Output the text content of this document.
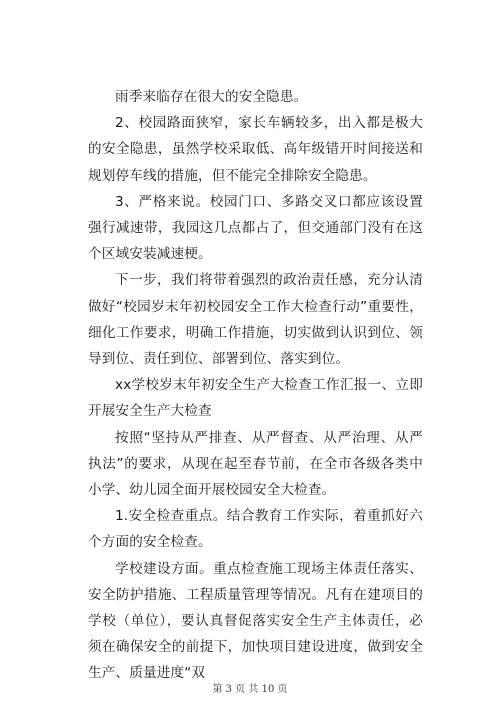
雨季来临存在很大的安全隐患。

2、校园路面狭窄，家长车辆较多，出入都是极大的安全隐患，虽然学校采取低、高年级错开时间接送和规划停车线的措施，但不能完全排除安全隐患。

3、严格来说。校园门口、多路交叉口都应该设置强行减速带，我园这几点都占了，但交通部门没有在这个区域安装减速梗。

下一步，我们将带着强烈的政治责任感，充分认清做好“校园岁末年初校园安全工作大检查行动”重要性，细化工作要求，明确工作措施，切实做到认识到位、领导到位、责任到位、部署到位、落实到位。

xx学校岁末年初安全生产大检查工作汇报一、立即开展安全生产大检查

按照“坚持从严排查、从严督查、从严治理、从严执法”的要求，从现在起至春节前，在全市各级各类中小学、幼儿园全面开展校园安全大检查。

1.安全检查重点。结合教育工作实际，着重抓好六个方面的安全检查。

学校建设方面。重点检查施工现场主体责任落实、安全防护措施、工程质量管理等情况。凡有在建项目的学校（单位），要认真督促落实安全生产主体责任，必须在确保安全的前提下，加快项目建设进度，做到安全生产、质量进度“双

第 3 页 共 10 页
